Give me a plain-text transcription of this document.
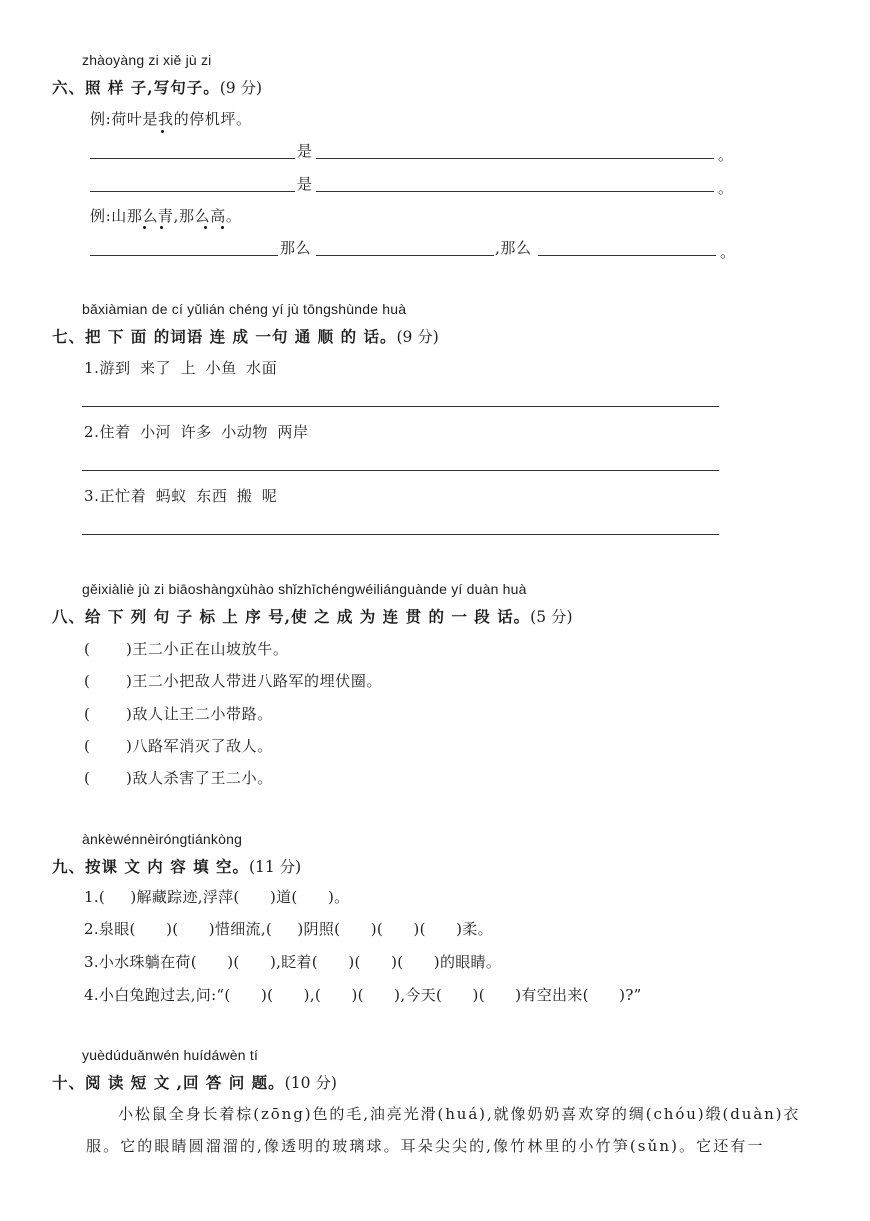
zhàoyàng zi xiě jù zi
六、照 样 子,写句子。(9 分)
例:荷叶是我的停机坪。
是	。
是	。
例:山那么青,那么高。
那么	,那么	。
bǎxiàmian de cí yǔlián chéng yí jù tōngshùnde huà
七、把 下 面 的词语 连 成 一句 通 顺 的 话。(9 分)
1.游到 来了 上 小鱼 水面
2.住着 小河 许多 小动物 两岸
3.正忙着 蚂蚁 东西 搬 呢
gěixiàliè jù zi biāoshàngxùhào shǐzhīchéngwéiliánguànde yí duàn huà
八、给 下 列 句 子 标 上 序 号,使 之 成 为 连 贯 的 一 段 话。(5 分)
( )王二小正在山坡放牛。
( )王二小把敌人带进八路军的埋伏圈。
( )敌人让王二小带路。
( )八路军消灭了敌人。
( )敌人杀害了王二小。
ànkèwénnèiróngtiánkòng
九、按课 文 内 容 填 空。(11 分)
1.(     )解藏踪迹,浮萍(      )道(      )。
2.泉眼(      )(      )惜细流,(     )阴照(      )(      )(      )柔。
3.小水珠躺在荷(      )(      ),眨着(      )(      )(      )的眼睛。
4.小白兔跑过去,问:“(      )(      ),(      )(      ),今天(      )(      )有空出来(      )?”
yuèdúduǎnwén huídáwèn tí
十、阅 读 短 文 ,回 答 问 题。(10 分)
小松鼠全身长着棕(zōng)色的毛,油亮光滑(huá),就像奶奶喜欢穿的绸(chóu)缎(duàn)衣
服。它的眼睛圆溜溜的,像透明的玻璃球。耳朵尖尖的,像竹林里的小竹笋(sǔn)。它还有一
